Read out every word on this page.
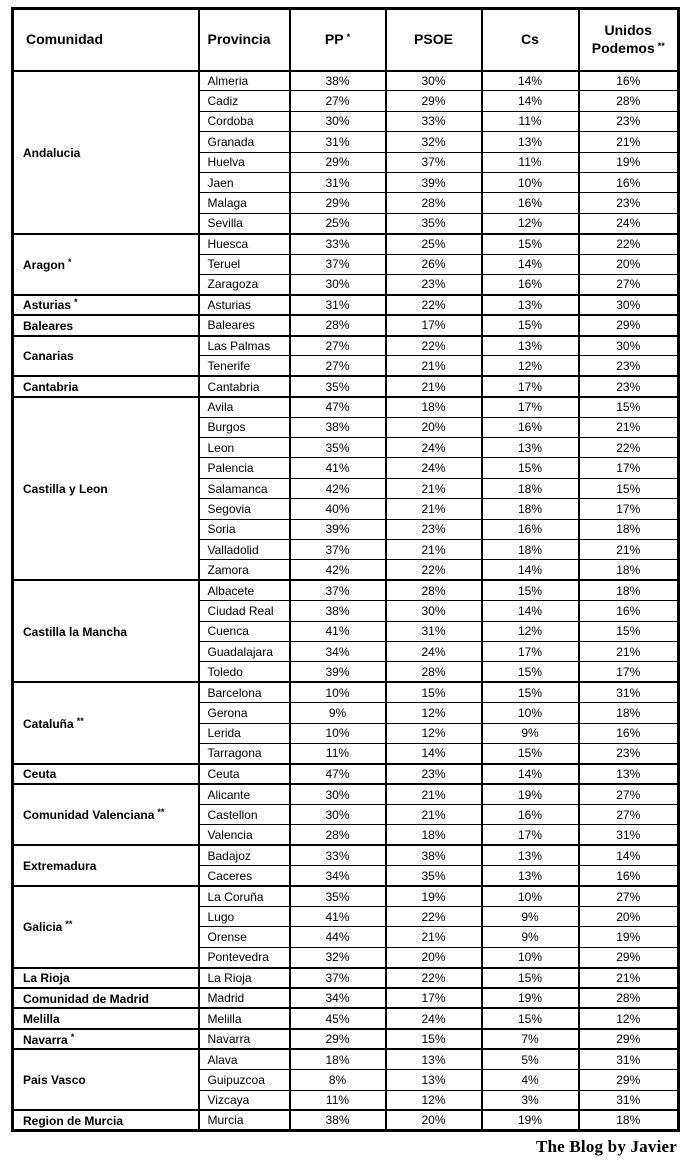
Comunidad	Provincia	PP *	PSOE	Cs	Unidos Podemos **
Andalucia	Almeria	38%	30%	14%	16%
	Cadiz	27%	29%	14%	28%
	Cordoba	30%	33%	11%	23%
	Granada	31%	32%	13%	21%
	Huelva	29%	37%	11%	19%
	Jaen	31%	39%	10%	16%
	Malaga	29%	28%	16%	23%
	Sevilla	25%	35%	12%	24%
Aragon *	Huesca	33%	25%	15%	22%
	Teruel	37%	26%	14%	20%
	Zaragoza	30%	23%	16%	27%
Asturias *	Asturias	31%	22%	13%	30%
Baleares	Baleares	28%	17%	15%	29%
Canarias	Las Palmas	27%	22%	13%	30%
	Tenerife	27%	21%	12%	23%
Cantabria	Cantabria	35%	21%	17%	23%
Castilla y Leon	Avila	47%	18%	17%	15%
	Burgos	38%	20%	16%	21%
	Leon	35%	24%	13%	22%
	Palencia	41%	24%	15%	17%
	Salamanca	42%	21%	18%	15%
	Segovia	40%	21%	18%	17%
	Soria	39%	23%	16%	18%
	Valladolid	37%	21%	18%	21%
	Zamora	42%	22%	14%	18%
Castilla la Mancha	Albacete	37%	28%	15%	18%
	Ciudad Real	38%	30%	14%	16%
	Cuenca	41%	31%	12%	15%
	Guadalajara	34%	24%	17%	21%
	Toledo	39%	28%	15%	17%
Cataluña **	Barcelona	10%	15%	15%	31%
	Gerona	9%	12%	10%	18%
	Lerida	10%	12%	9%	16%
	Tarragona	11%	14%	15%	23%
Ceuta	Ceuta	47%	23%	14%	13%
Comunidad Valenciana **	Alicante	30%	21%	19%	27%
	Castellon	30%	21%	16%	27%
	Valencia	28%	18%	17%	31%
Extremadura	Badajoz	33%	38%	13%	14%
	Caceres	34%	35%	13%	16%
Galicia **	La Coruña	35%	19%	10%	27%
	Lugo	41%	22%	9%	20%
	Orense	44%	21%	9%	19%
	Pontevedra	32%	20%	10%	29%
La Rioja	La Rioja	37%	22%	15%	21%
Comunidad de Madrid	Madrid	34%	17%	19%	28%
Melilla	Melilla	45%	24%	15%	12%
Navarra *	Navarra	29%	15%	7%	29%
Pais Vasco	Alava	18%	13%	5%	31%
	Guipuzcoa	8%	13%	4%	29%
	Vizcaya	11%	12%	3%	31%
Region de Murcia	Murcia	38%	20%	19%	18%
The Blog by Javier
